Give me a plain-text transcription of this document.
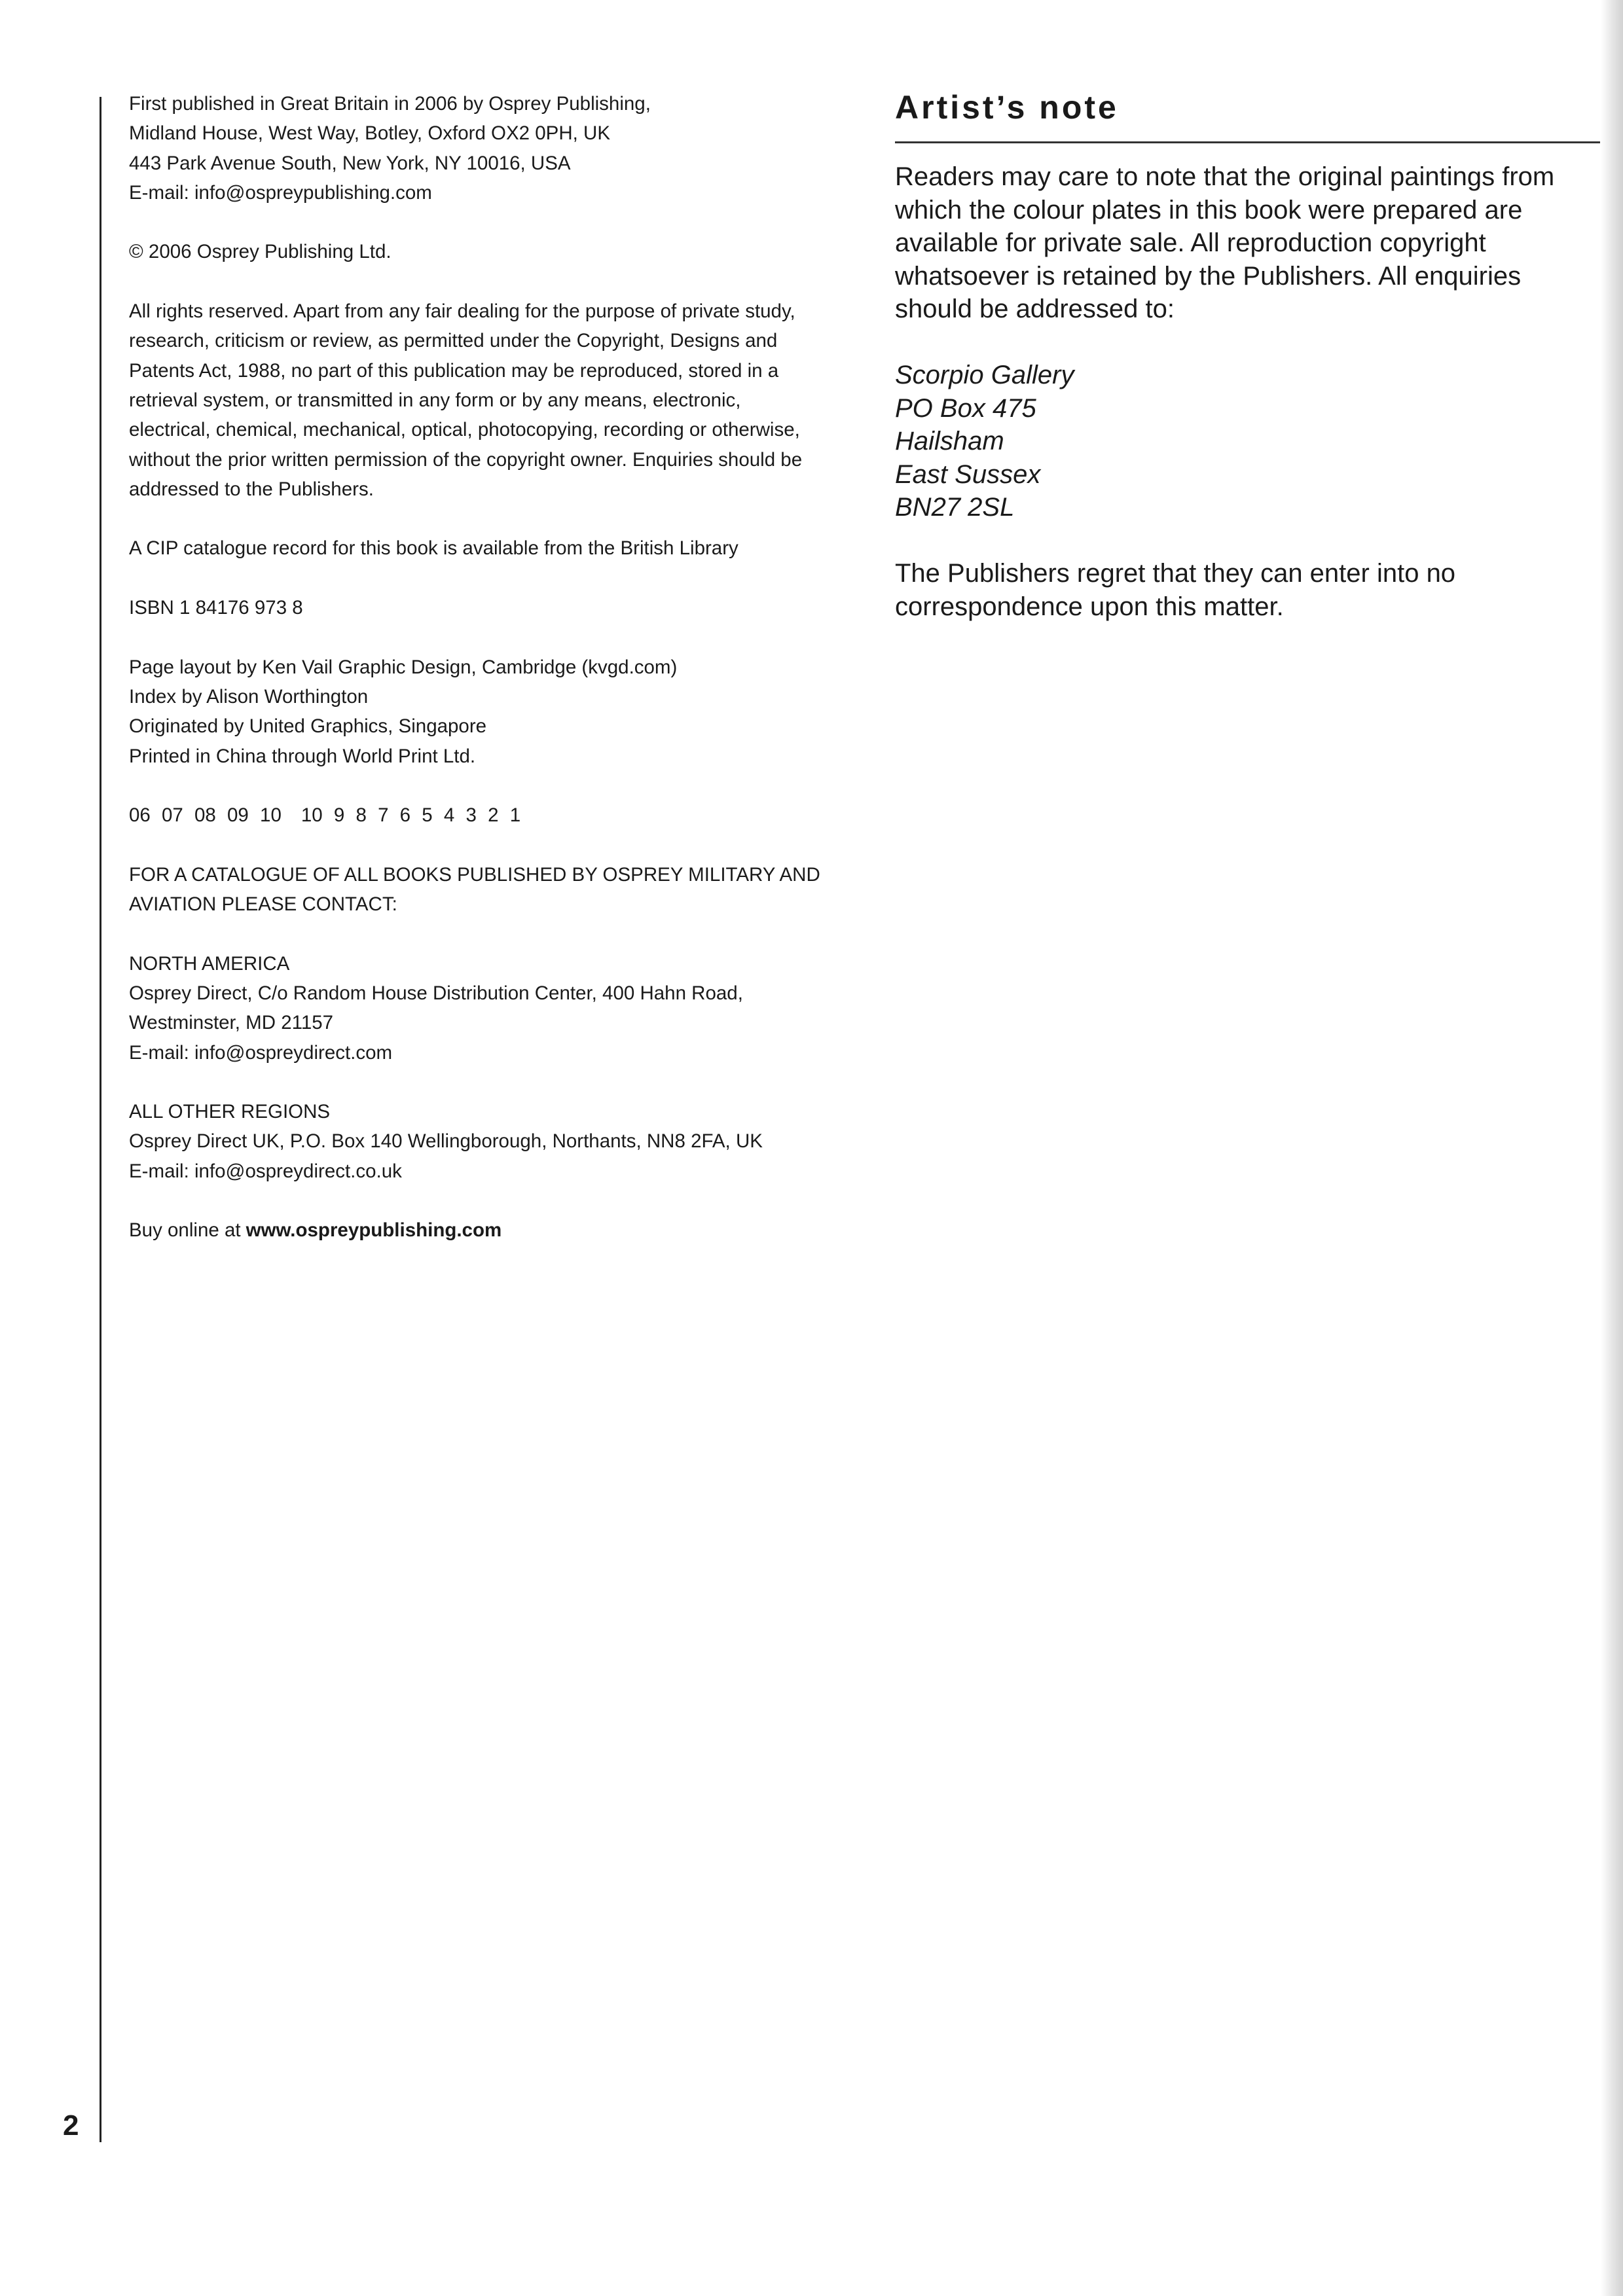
2
First published in Great Britain in 2006 by Osprey Publishing,
Midland House, West Way, Botley, Oxford OX2 0PH, UK
443 Park Avenue South, New York, NY 10016, USA
E-mail: info@ospreypublishing.com
© 2006 Osprey Publishing Ltd.
All rights reserved. Apart from any fair dealing for the purpose of private study,
research, criticism or review, as permitted under the Copyright, Designs and
Patents Act, 1988, no part of this publication may be reproduced, stored in a
retrieval system, or transmitted in any form or by any means, electronic,
electrical, chemical, mechanical, optical, photocopying, recording or otherwise,
without the prior written permission of the copyright owner. Enquiries should be
addressed to the Publishers.
A CIP catalogue record for this book is available from the British Library
ISBN 1 84176 973 8
Page layout by Ken Vail Graphic Design, Cambridge (kvgd.com)
Index by Alison Worthington
Originated by United Graphics, Singapore
Printed in China through World Print Ltd.
06 07 08 09 10 10 9 8 7 6 5 4 3 2 1
FOR A CATALOGUE OF ALL BOOKS PUBLISHED BY OSPREY MILITARY AND
AVIATION PLEASE CONTACT:
NORTH AMERICA
Osprey Direct, C/o Random House Distribution Center, 400 Hahn Road,
Westminster, MD 21157
E-mail: info@ospreydirect.com
ALL OTHER REGIONS
Osprey Direct UK, P.O. Box 140 Wellingborough, Northants, NN8 2FA, UK
E-mail: info@ospreydirect.co.uk
Buy online at www.ospreypublishing.com
Artist’s note
Readers may care to note that the original paintings from
which the colour plates in this book were prepared are
available for private sale. All reproduction copyright
whatsoever is retained by the Publishers. All enquiries
should be addressed to:
Scorpio Gallery
PO Box 475
Hailsham
East Sussex
BN27 2SL
The Publishers regret that they can enter into no
correspondence upon this matter.
